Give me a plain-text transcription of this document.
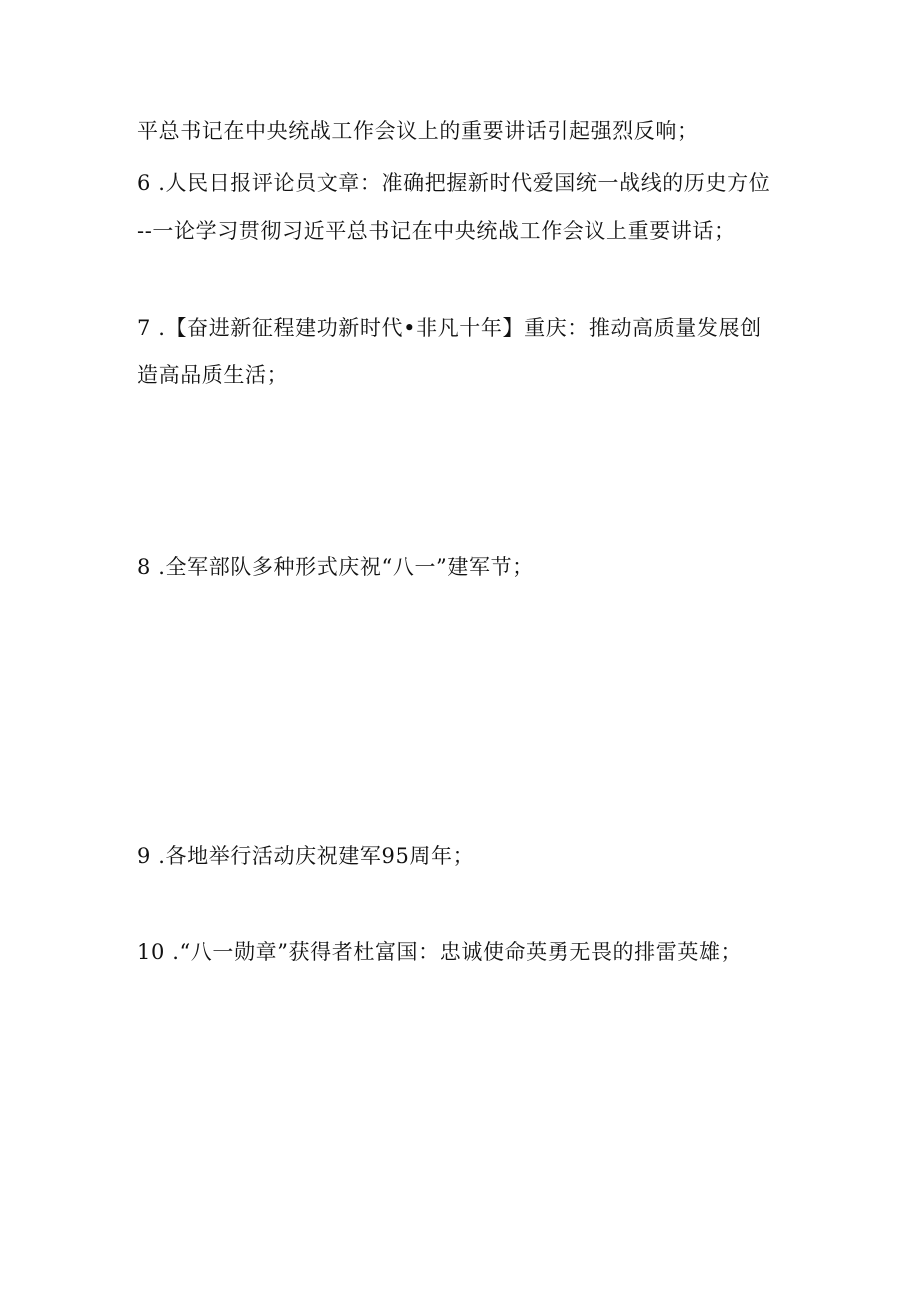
平总书记在中央统战工作会议上的重要讲话引起强烈反响；
6 .人民日报评论员文章：准确把握新时代爱国统一战线的历史方位
--一论学习贯彻习近平总书记在中央统战工作会议上重要讲话；
7 .【奋进新征程建功新时代•非凡十年】重庆：推动高质量发展创
造高品质生活；
8 .全军部队多种形式庆祝“八一”建军节；
9 .各地举行活动庆祝建军95周年；
10 .“八一勋章”获得者杜富国：忠诚使命英勇无畏的排雷英雄；
